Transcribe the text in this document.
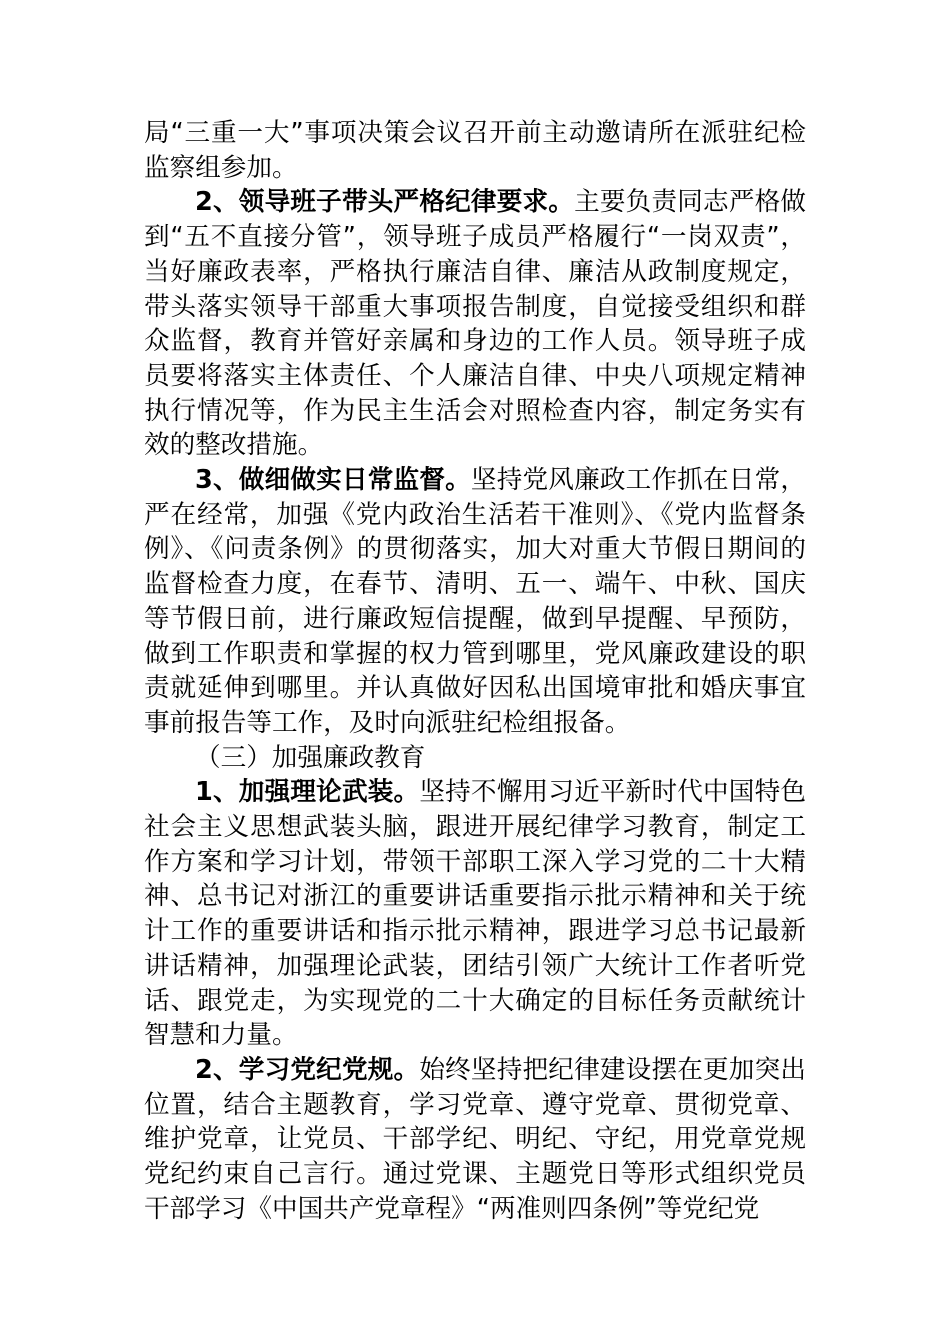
局“三重一大”事项决策会议召开前主动邀请所在派驻纪检监察组参加。

2、领导班子带头严格纪律要求。主要负责同志严格做到“五不直接分管”，领导班子成员严格履行“一岗双责”，当好廉政表率，严格执行廉洁自律、廉洁从政制度规定，带头落实领导干部重大事项报告制度，自觉接受组织和群众监督，教育并管好亲属和身边的工作人员。领导班子成员要将落实主体责任、个人廉洁自律、中央八项规定精神执行情况等，作为民主生活会对照检查内容，制定务实有效的整改措施。

3、做细做实日常监督。坚持党风廉政工作抓在日常，严在经常，加强《党内政治生活若干准则》、《党内监督条例》、《问责条例》的贯彻落实，加大对重大节假日期间的监督检查力度，在春节、清明、五一、端午、中秋、国庆等节假日前，进行廉政短信提醒，做到早提醒、早预防，做到工作职责和掌握的权力管到哪里，党风廉政建设的职责就延伸到哪里。并认真做好因私出国境审批和婚庆事宜事前报告等工作，及时向派驻纪检组报备。

（三）加强廉政教育

1、加强理论武装。坚持不懈用习近平新时代中国特色社会主义思想武装头脑，跟进开展纪律学习教育，制定工作方案和学习计划，带领干部职工深入学习党的二十大精神、总书记对浙江的重要讲话重要指示批示精神和关于统计工作的重要讲话和指示批示精神，跟进学习总书记最新讲话精神，加强理论武装，团结引领广大统计工作者听党话、跟党走，为实现党的二十大确定的目标任务贡献统计智慧和力量。

2、学习党纪党规。始终坚持把纪律建设摆在更加突出位置，结合主题教育，学习党章、遵守党章、贯彻党章、维护党章，让党员、干部学纪、明纪、守纪，用党章党规党纪约束自己言行。通过党课、主题党日等形式组织党员干部学习《中国共产党章程》“两准则四条例”等党纪党
